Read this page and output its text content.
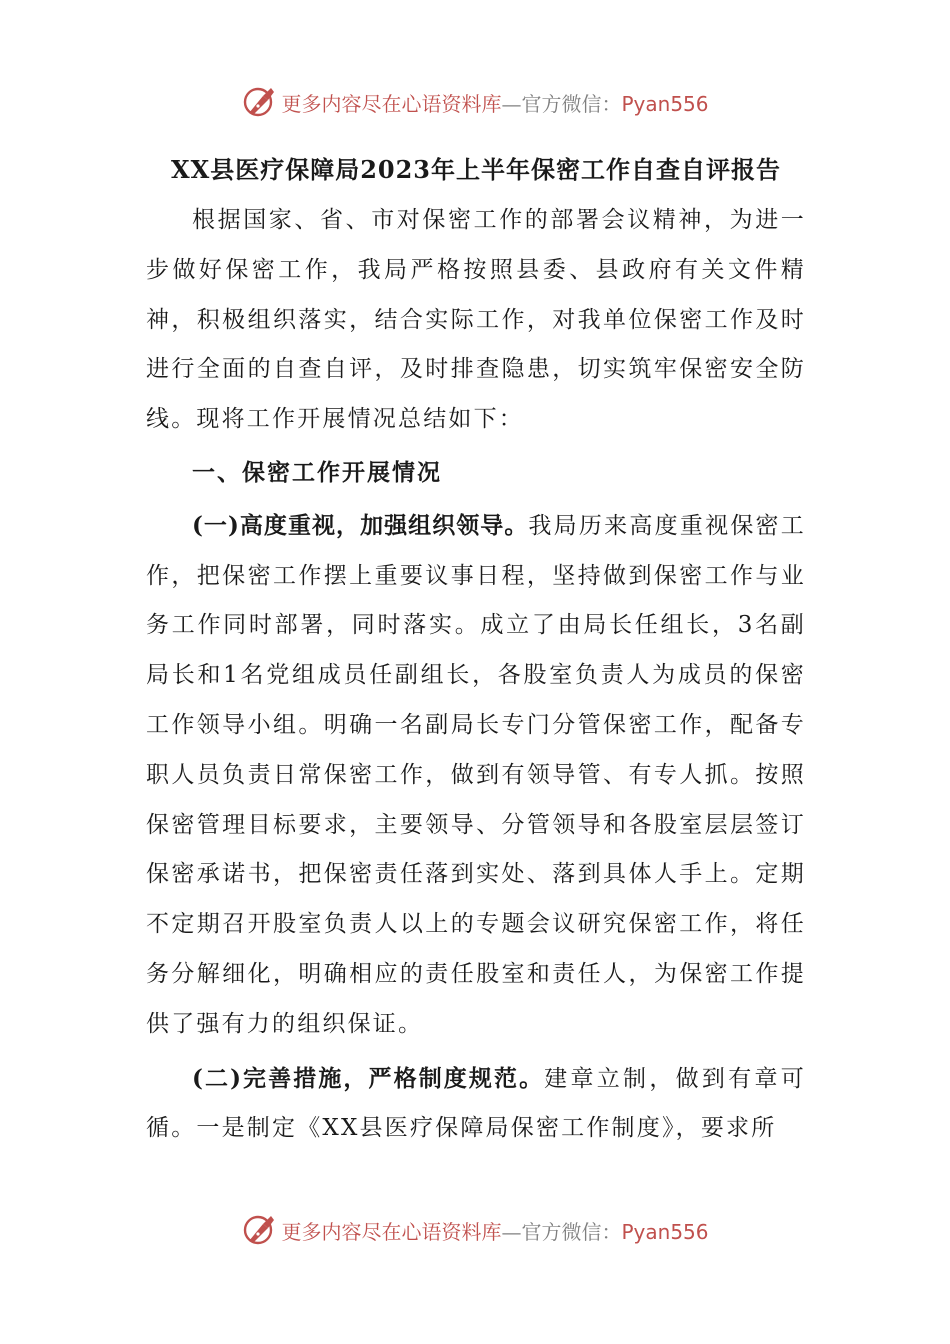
更多内容尽在心语资料库—官方微信：Pyan556
XX县医疗保障局2023年上半年保密工作自查自评报告

根据国家、省、市对保密工作的部署会议精神，为进一步做好保密工作，我局严格按照县委、县政府有关文件精神，积极组织落实，结合实际工作，对我单位保密工作及时进行全面的自查自评，及时排查隐患，切实筑牢保密安全防线。现将工作开展情况总结如下：

一、保密工作开展情况

(一)高度重视，加强组织领导。我局历来高度重视保密工作，把保密工作摆上重要议事日程，坚持做到保密工作与业务工作同时部署，同时落实。成立了由局长任组长，3名副局长和1名党组成员任副组长，各股室负责人为成员的保密工作领导小组。明确一名副局长专门分管保密工作，配备专职人员负责日常保密工作，做到有领导管、有专人抓。按照保密管理目标要求，主要领导、分管领导和各股室层层签订保密承诺书，把保密责任落到实处、落到具体人手上。定期不定期召开股室负责人以上的专题会议研究保密工作，将任务分解细化，明确相应的责任股室和责任人，为保密工作提供了强有力的组织保证。

(二)完善措施，严格制度规范。建章立制，做到有章可循。一是制定《XX县医疗保障局保密工作制度》，要求所

更多内容尽在心语资料库—官方微信：Pyan556
